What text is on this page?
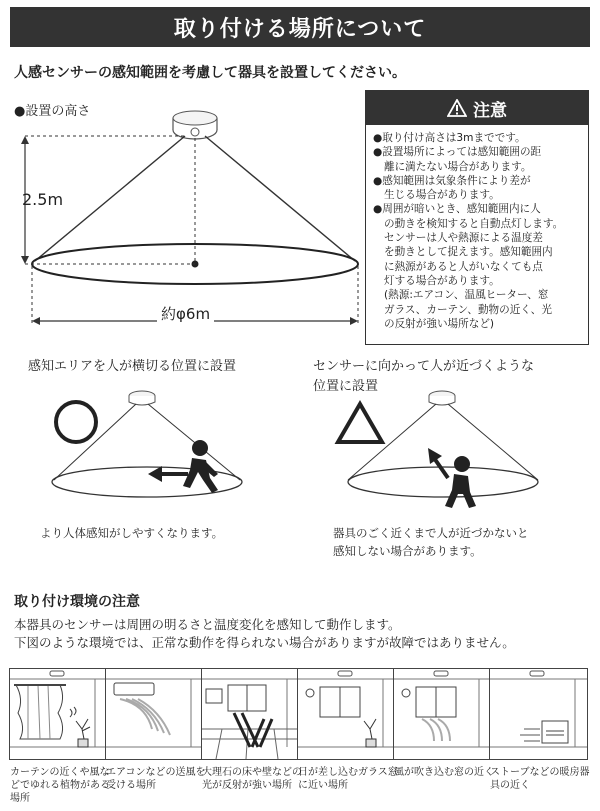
取り付ける場所について
人感センサーの感知範囲を考慮して器具を設置してください。
●設置の高さ
2.5m
約φ6m
注意

●取り付け高さは3mまでです。

●設置場所によっては感知範囲の距

離に満たない場合があります。

●感知範囲は気象条件により差が

生じる場合があります。

●周囲が暗いとき、感知範囲内に人

の動きを検知すると自動点灯します。

センサーは人や熱源による温度差

を動きとして捉えます。感知範囲内

に熱源があると人がいなくても点

灯する場合があります。

(熱源:エアコン、温風ヒーター、窓

ガラス、カーテン、動物の近く、光

の反射が強い場所など)

感知エリアを人が横切る位置に設置
より人体感知がしやすくなります。
センサーに向かって人が近づくような
位置に設置
器具のごく近くまで人が近づかないと
感知しない場合があります。
取り付け環境の注意
本器具のセンサーは周囲の明るさと温度変化を感知して動作します。
下図のような環境では、正常な動作を得られない場合がありますが故障ではありません。
カーテンの近くや風などでゆれる植物がある場所
エアコンなどの送風を受ける場所
大理石の床や壁などの光が反射が強い場所
日が差し込むガラス窓に近い場所
風が吹き込む窓の近く
ストーブなどの暖房器具の近く
